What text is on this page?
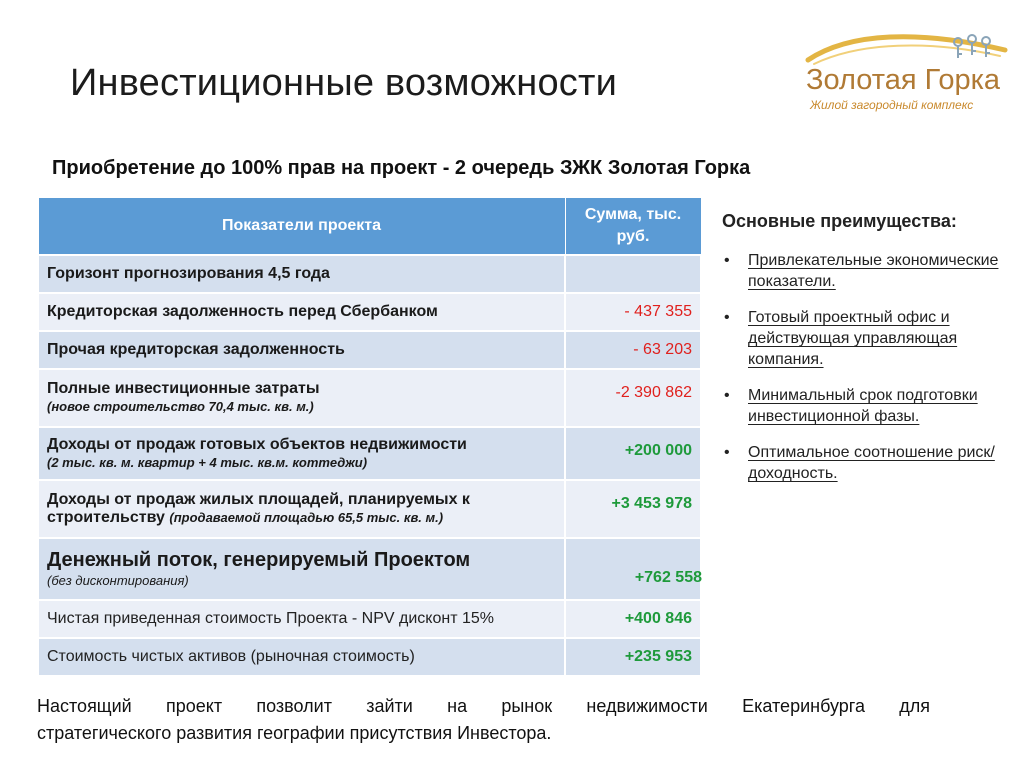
Инвестиционные возможности	Золотая Горка
Жилой загородный комплекс
Приобретение до 100% прав на проект - 2 очередь ЗЖК Золотая Горка
Показатели проекта	Сумма, тыс.
руб.
Горизонт прогнозирования 4,5 года	
Кредиторская задолженность перед Сбербанком	- 437 355
Прочая кредиторская задолженность	- 63 203
Полные инвестиционные затраты
(новое строительство 70,4 тыс. кв. м.)	-2 390 862
Доходы от продаж готовых объектов недвижимости
(2 тыс. кв. м. квартир + 4 тыс. кв.м. коттеджи)	+200 000
Доходы от продаж жилых площадей, планируемых к строительству (продаваемой площадью 65,5 тыс. кв. м.)	+3 453 978
Денежный поток, генерируемый Проектом
(без дисконтирования)	+762 558
Чистая приведенная стоимость Проекта - NPV дисконт 15%	+400 846
Стоимость чистых активов (рыночная стоимость)	+235 953
Основные преимущества:
• Привлекательные экономические показатели.
• Готовый проектный офис и действующая управляющая компания.
• Минимальный срок подготовки инвестиционной фазы.
• Оптимальное соотношение риск/доходность.
Настоящий проект позволит зайти на рынок недвижимости Екатеринбурга для
стратегического развития географии присутствия Инвестора.
